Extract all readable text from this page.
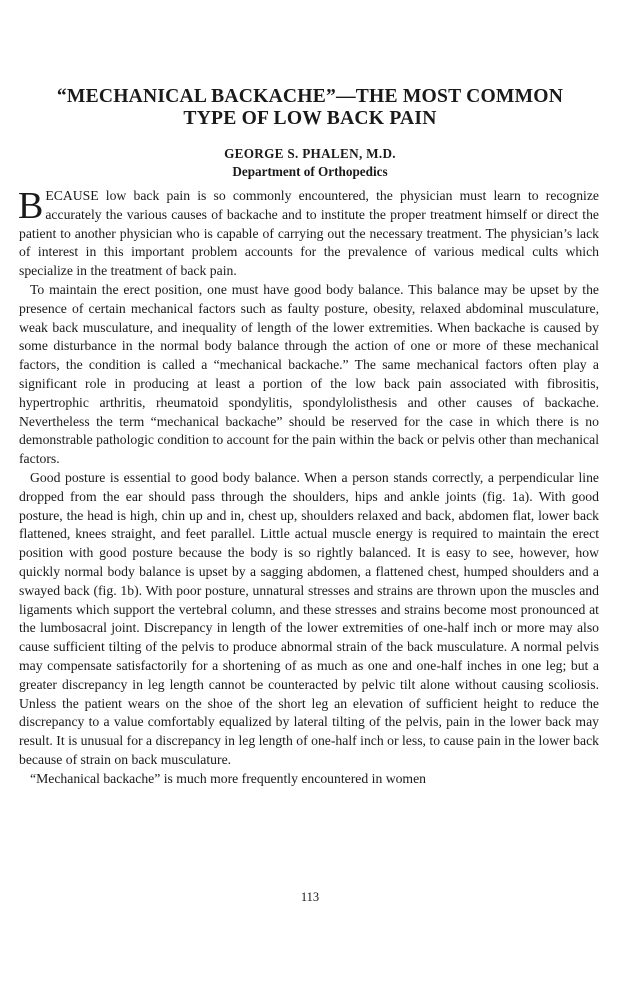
“MECHANICAL BACKACHE”—THE MOST COMMON
TYPE OF LOW BACK PAIN
GEORGE S. PHALEN, M.D.
Department of Orthopedics

BECAUSE low back pain is so commonly encountered, the physician must learn to recognize accurately the various causes of backache and to institute the proper treatment himself or direct the patient to another physician who is capable of carrying out the necessary treatment. The physician’s lack of interest in this important problem accounts for the prevalence of various medical cults which specialize in the treatment of back pain.

To maintain the erect position, one must have good body balance. This balance may be upset by the presence of certain mechanical factors such as faulty posture, obesity, relaxed abdominal musculature, weak back musculature, and inequality of length of the lower extremities. When backache is caused by some disturbance in the normal body balance through the action of one or more of these mechanical factors, the condition is called a “mechanical backache.” The same mechanical factors often play a significant role in producing at least a portion of the low back pain associated with fibrositis, hypertrophic arthritis, rheumatoid spondylitis, spondylolisthesis and other causes of backache. Nevertheless the term “mechanical backache” should be reserved for the case in which there is no demonstrable pathologic condition to account for the pain within the back or pelvis other than mechanical factors.

Good posture is essential to good body balance. When a person stands correctly, a perpendicular line dropped from the ear should pass through the shoulders, hips and ankle joints (fig. 1a). With good posture, the head is high, chin up and in, chest up, shoulders relaxed and back, abdomen flat, lower back flattened, knees straight, and feet parallel. Little actual muscle energy is required to maintain the erect position with good posture because the body is so rightly balanced. It is easy to see, however, how quickly normal body balance is upset by a sagging abdomen, a flattened chest, humped shoulders and a swayed back (fig. 1b). With poor posture, unnatural stresses and strains are thrown upon the muscles and ligaments which support the vertebral column, and these stresses and strains become most pronounced at the lumbosacral joint. Discrepancy in length of the lower extremities of one-half inch or more may also cause sufficient tilting of the pelvis to produce abnormal strain of the back musculature. A normal pelvis may compensate satisfactorily for a shortening of as much as one and one-half inches in one leg; but a greater discrepancy in leg length cannot be counteracted by pelvic tilt alone without causing scoliosis. Unless the patient wears on the shoe of the short leg an elevation of sufficient height to reduce the discrepancy to a value comfortably equalized by lateral tilting of the pelvis, pain in the lower back may result. It is unusual for a discrepancy in leg length of one-half inch or less, to cause pain in the lower back because of strain on back musculature.

“Mechanical backache” is much more frequently encountered in women

113
